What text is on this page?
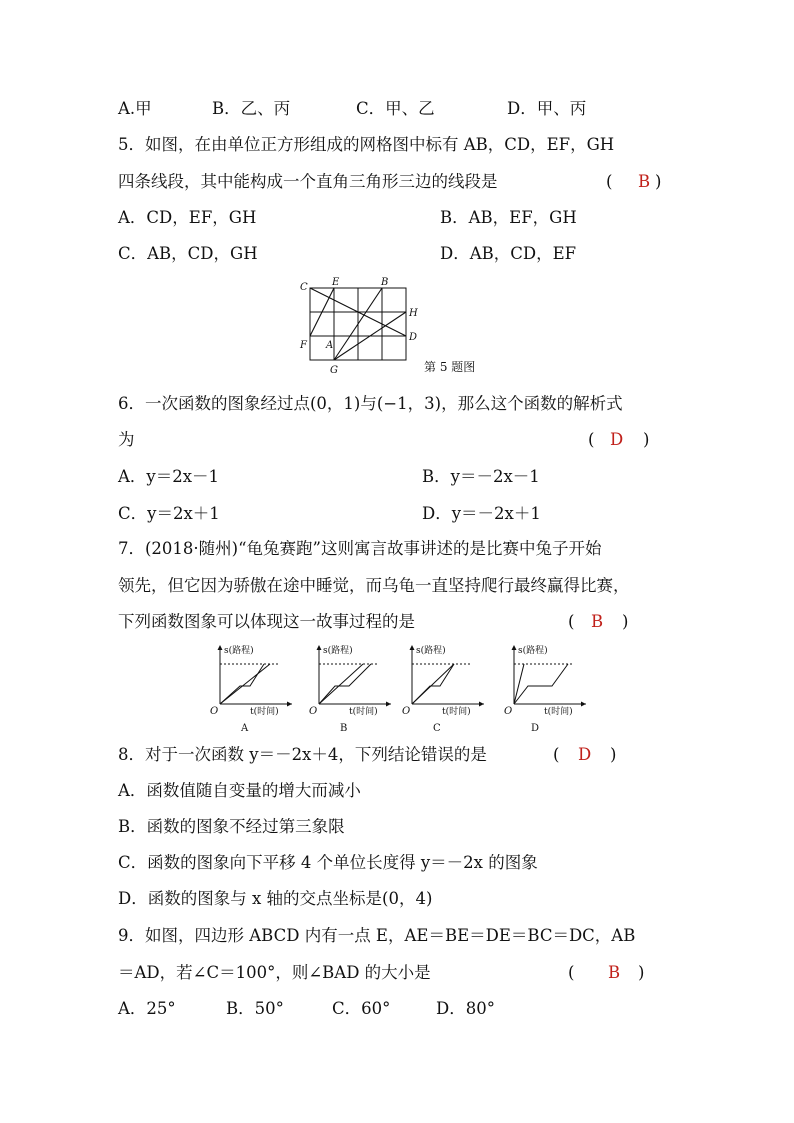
A.甲	B．乙、丙	C．甲、乙	D．甲、丙
5．如图，在由单位正方形组成的网格图中标有 AB，CD，EF，GH
四条线段，其中能构成一个直角三角形三边的线段是	( B )
A．CD，EF，GH	B．AB，EF，GH
C．AB，CD，GH	D．AB，CD，EF
C E	B
H
D
F A
G	第 5 题图
6．一次函数的图象经过点(0，1)与(−1，3)，那么这个函数的解析式
为	( D )
A．y＝2x－1	B．y＝－2x－1
C．y＝2x＋1	D．y＝－2x＋1
7．(2018·随州)“龟兔赛跑”这则寓言故事讲述的是比赛中兔子开始
领先，但它因为骄傲在途中睡觉，而乌龟一直坚持爬行最终赢得比赛，
下列函数图象可以体现这一故事过程的是	( B )
s(路程)
O	t(时间)
A
s(路程)
O	t(时间)
B
s(路程)
O	t(时间)
C
s(路程)
O	t(时间)
D
8．对于一次函数 y＝－2x＋4，下列结论错误的是	( D )
A．函数值随自变量的增大而减小
B．函数的图象不经过第三象限
C．函数的图象向下平移 4 个单位长度得 y＝－2x 的图象
D．函数的图象与 x 轴的交点坐标是(0，4)
9．如图，四边形 ABCD 内有一点 E，AE＝BE＝DE＝BC＝DC，AB
＝AD，若∠C＝100°，则∠BAD 的大小是	( B )
A．25°	B．50°	C．60°	D．80°
